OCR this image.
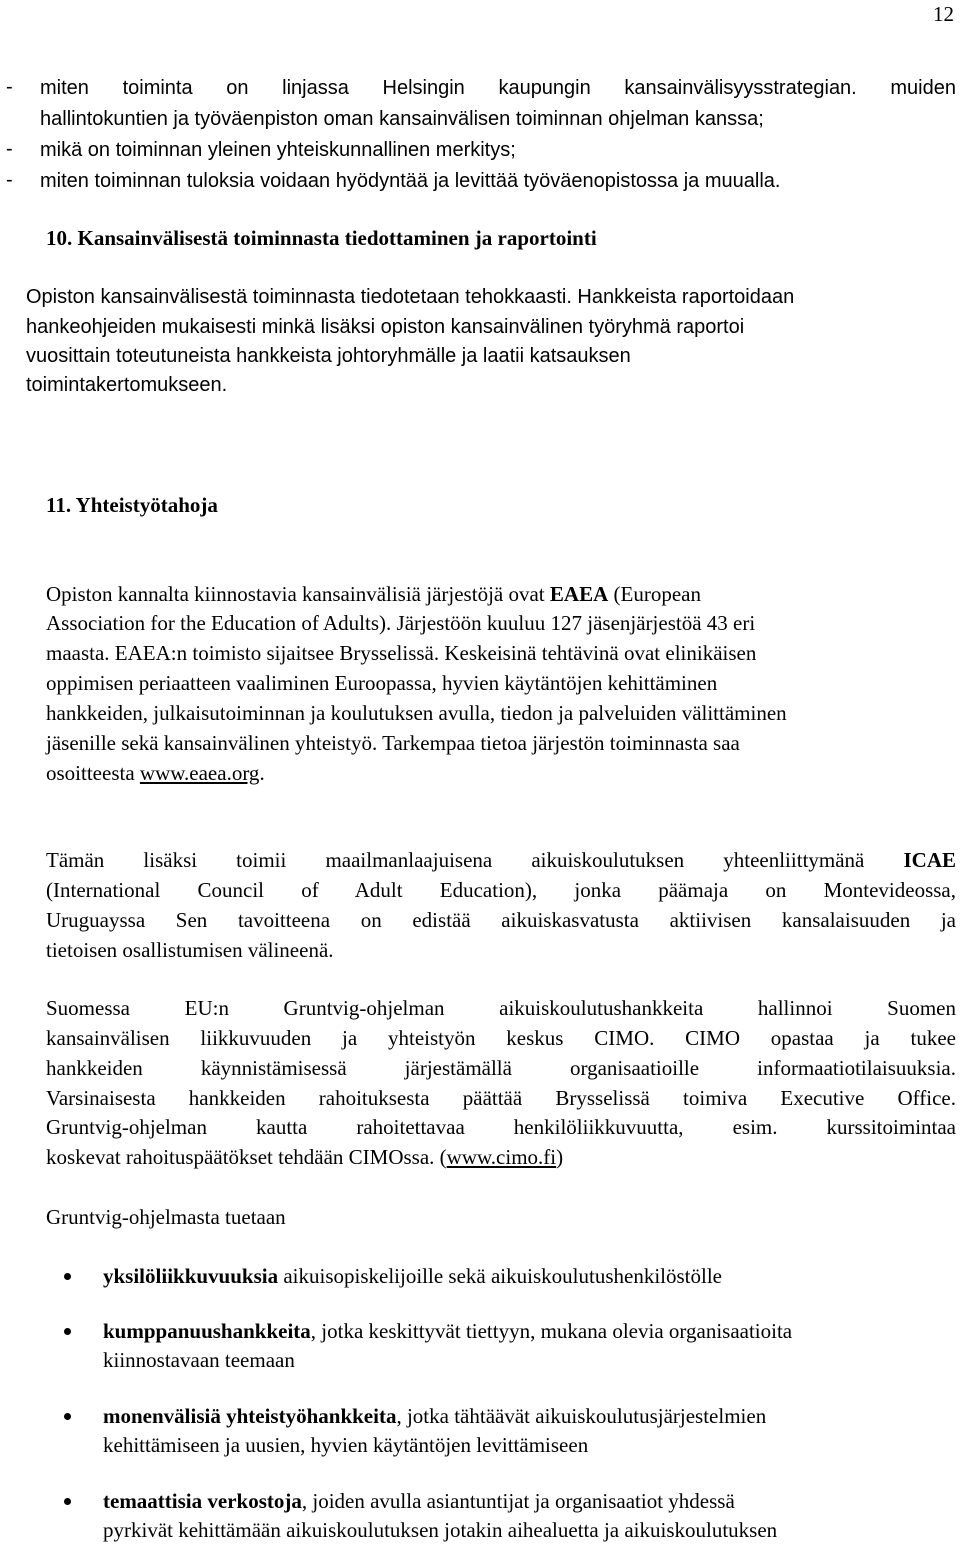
12
- miten toiminta on linjassa Helsingin kaupungin kansainvälisyysstrategian. muiden
hallintokuntien ja työväenpiston oman kansainvälisen toiminnan ohjelman kanssa;
- mikä on toiminnan yleinen yhteiskunnallinen merkitys;
- miten toiminnan tuloksia voidaan hyödyntää ja levittää työväenopistossa ja muualla.
10. Kansainvälisestä toiminnasta tiedottaminen ja raportointi
Opiston kansainvälisestä toiminnasta tiedotetaan tehokkaasti. Hankkeista raportoidaan
hankeohjeiden mukaisesti minkä lisäksi opiston kansainvälinen työryhmä raportoi
vuosittain toteutuneista hankkeista johtoryhmälle ja laatii katsauksen
toimintakertomukseen.
11. Yhteistyötahoja
Opiston kannalta kiinnostavia kansainvälisiä järjestöjä ovat EAEA (European
Association for the Education of Adults). Järjestöön kuuluu 127 jäsenjärjestöä 43 eri
maasta. EAEA:n toimisto sijaitsee Brysselissä. Keskeisinä tehtävinä ovat elinikäisen
oppimisen periaatteen vaaliminen Euroopassa, hyvien käytäntöjen kehittäminen
hankkeiden, julkaisutoiminnan ja koulutuksen avulla, tiedon ja palveluiden välittäminen
jäsenille sekä kansainvälinen yhteistyö. Tarkempaa tietoa järjestön toiminnasta saa
osoitteesta www.eaea.org.
Tämän lisäksi toimii maailmanlaajuisena aikuiskoulutuksen yhteenliittymänä ICAE
(International Council of Adult Education), jonka päämaja on Montevideossa,
Uruguayssa Sen tavoitteena on edistää aikuiskasvatusta aktiivisen kansalaisuuden ja
tietoisen osallistumisen välineenä.
Suomessa EU:n Gruntvig-ohjelman aikuiskoulutushankkeita hallinnoi Suomen
kansainvälisen liikkuvuuden ja yhteistyön keskus CIMO. CIMO opastaa ja tukee
hankkeiden käynnistämisessä järjestämällä organisaatioille informaatiotilaisuuksia.
Varsinaisesta hankkeiden rahoituksesta päättää Brysselissä toimiva Executive Office.
Gruntvig-ohjelman kautta rahoitettavaa henkilöliikkuvuutta, esim. kurssitoimintaa
koskevat rahoituspäätökset tehdään CIMOssa. (www.cimo.fi)
Gruntvig-ohjelmasta tuetaan
yksilöliikkuvuuksia aikuisopiskelijoille sekä aikuiskoulutushenkilöstölle
kumppanuushankkeita, jotka keskittyvät tiettyyn, mukana olevia organisaatioita
kiinnostavaan teemaan
monenvälisiä yhteistyöhankkeita, jotka tähtäävät aikuiskoulutusjärjestelmien
kehittämiseen ja uusien, hyvien käytäntöjen levittämiseen
temaattisia verkostoja, joiden avulla asiantuntijat ja organisaatiot yhdessä
pyrkivät kehittämään aikuiskoulutuksen jotakin aihealuetta ja aikuiskoulutuksen
